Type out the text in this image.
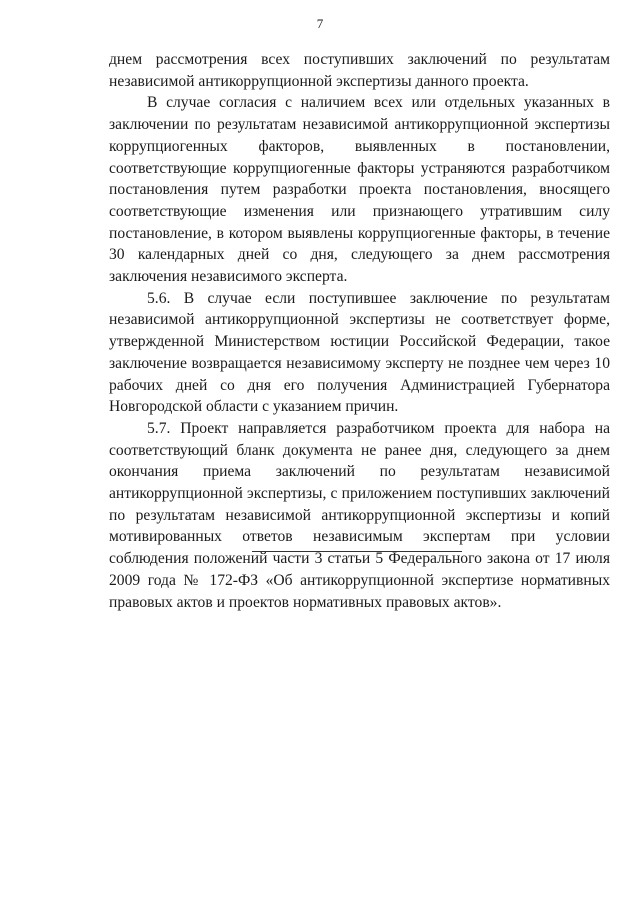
7

днем рассмотрения всех поступивших заключений по результатам независимой антикоррупционной экспертизы данного проекта.

В случае согласия с наличием всех или отдельных указанных в заключении по результатам независимой антикоррупционной экспертизы коррупциогенных факторов, выявленных в постановлении, соответствующие коррупциогенные факторы устраняются разработчиком постановления путем разработки проекта постановления, вносящего соответствующие изменения или признающего утратившим силу постановление, в котором выявлены коррупциогенные факторы, в течение 30 календарных дней со дня, следующего за днем рассмотрения заключения независимого эксперта.

5.6. В случае если поступившее заключение по результатам независимой антикоррупционной экспертизы не соответствует форме, утвержденной Министерством юстиции Российской Федерации, такое заключение возвращается независимому эксперту не позднее чем через 10 рабочих дней со дня его получения Администрацией Губернатора Новгородской области с указанием причин.

5.7. Проект направляется разработчиком проекта для набора на соответствующий бланк документа не ранее дня, следующего за днем окончания приема заключений по результатам независимой антикоррупционной экспертизы, с приложением поступивших заключений по результатам независимой антикоррупционной экспертизы и копий мотивированных ответов независимым экспертам при условии соблюдения положений части 3 статьи 5 Федерального закона от 17 июля 2009 года № 172-ФЗ «Об антикоррупционной экспертизе нормативных правовых актов и проектов нормативных правовых актов».
